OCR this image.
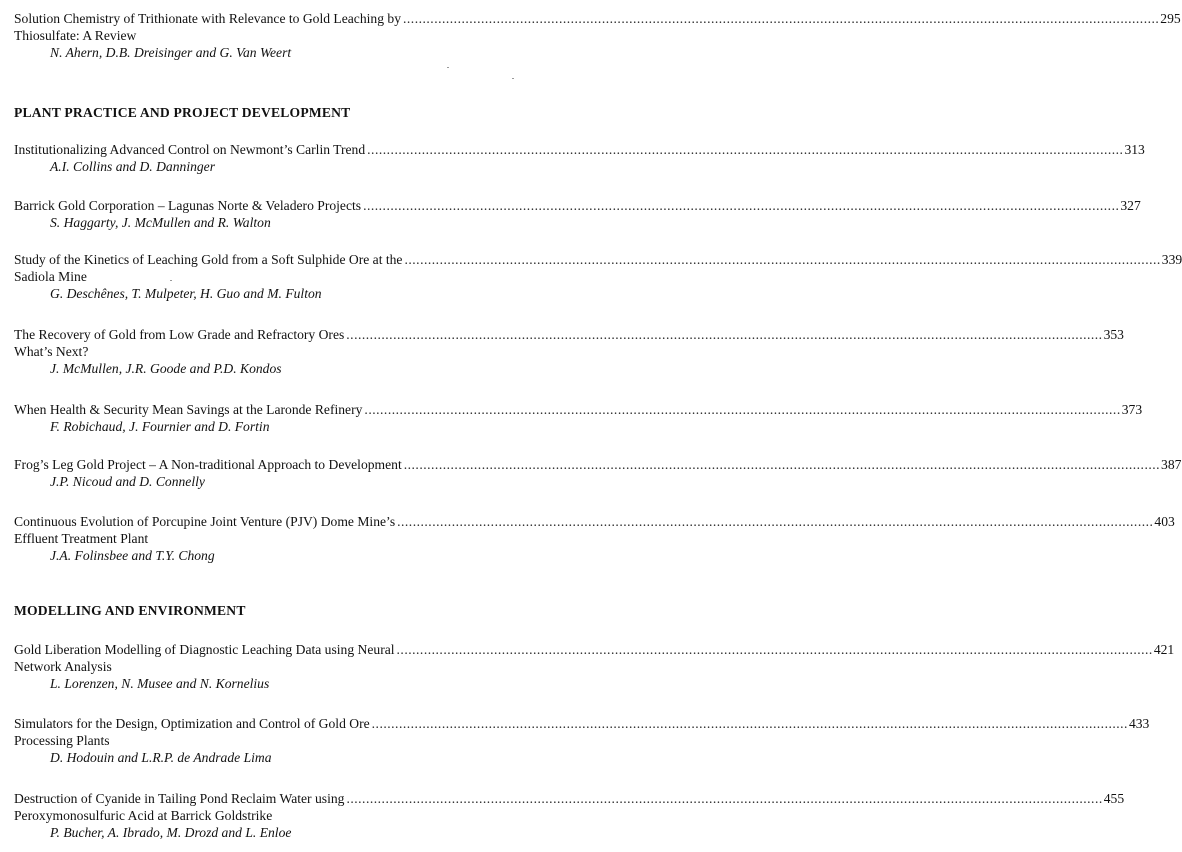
Solution Chemistry of Trithionate with Relevance to Gold Leaching by .................................................................................................................................................................................................. 295
Thiosulfate: A Review
N. Ahern, D.B. Dreisinger and G. Van Weert
PLANT PRACTICE AND PROJECT DEVELOPMENT
Institutionalizing Advanced Control on Newmont’s Carlin Trend .................................................................................................................................................................................................. 313
A.I. Collins and D. Danninger
Barrick Gold Corporation – Lagunas Norte & Veladero Projects .................................................................................................................................................................................................. 327
S. Haggarty, J. McMullen and R. Walton
Study of the Kinetics of Leaching Gold from a Soft Sulphide Ore at the .................................................................................................................................................................................................. 339
Sadiola Mine
G. Deschênes, T. Mulpeter, H. Guo and M. Fulton
The Recovery of Gold from Low Grade and Refractory Ores .................................................................................................................................................................................................. 353
What’s Next?
J. McMullen, J.R. Goode and P.D. Kondos
When Health & Security Mean Savings at the Laronde Refinery .................................................................................................................................................................................................. 373
F. Robichaud, J. Fournier and D. Fortin
Frog’s Leg Gold Project – A Non-traditional Approach to Development .................................................................................................................................................................................................. 387
J.P. Nicoud and D. Connelly
Continuous Evolution of Porcupine Joint Venture (PJV) Dome Mine’s .................................................................................................................................................................................................. 403
Effluent Treatment Plant
J.A. Folinsbee and T.Y. Chong
MODELLING AND ENVIRONMENT
Gold Liberation Modelling of Diagnostic Leaching Data using Neural .................................................................................................................................................................................................. 421
Network Analysis
L. Lorenzen, N. Musee and N. Kornelius
Simulators for the Design, Optimization and Control of Gold Ore .................................................................................................................................................................................................. 433
Processing Plants
D. Hodouin and L.R.P. de Andrade Lima
Destruction of Cyanide in Tailing Pond Reclaim Water using .................................................................................................................................................................................................. 455
Peroxymonosulfuric Acid at Barrick Goldstrike
P. Bucher, A. Ibrado, M. Drozd and L. Enloe
